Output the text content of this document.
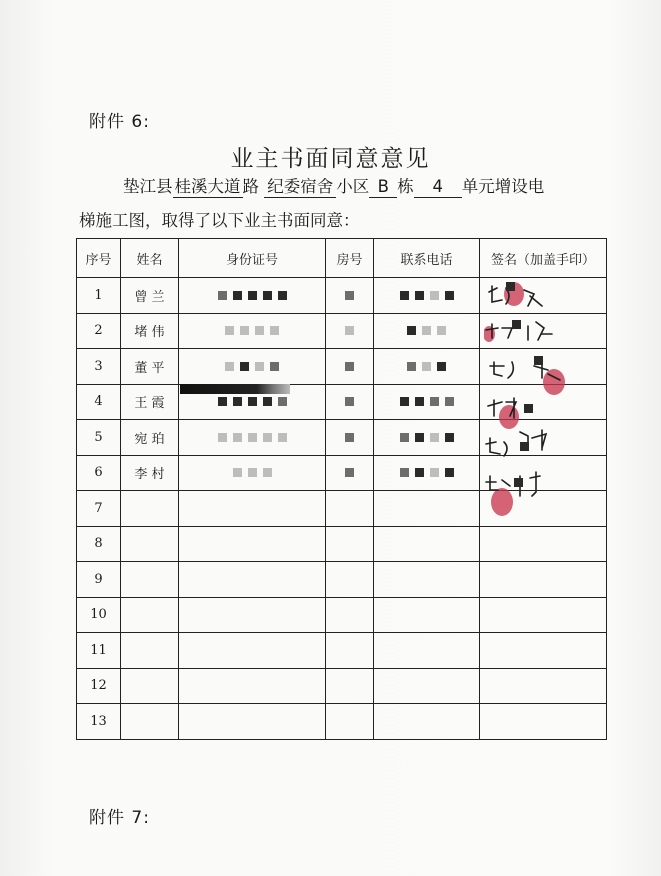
附件 6:
业主书面同意意见
垫江县 桂溪大道 路 纪委宿舍 小区 B 栋 4 单元增设电
梯施工图，取得了以下业主书面同意：
序号	姓名	身份证号	房号	联系电话	签名（加盖手印）
1	曾 兰				
2	堵 伟				
3	董 平				
4	王 霞				
5	宛 珀				
6	李 村				
7					
8					
9					
10					
11					
12					
13					
附件 7:
